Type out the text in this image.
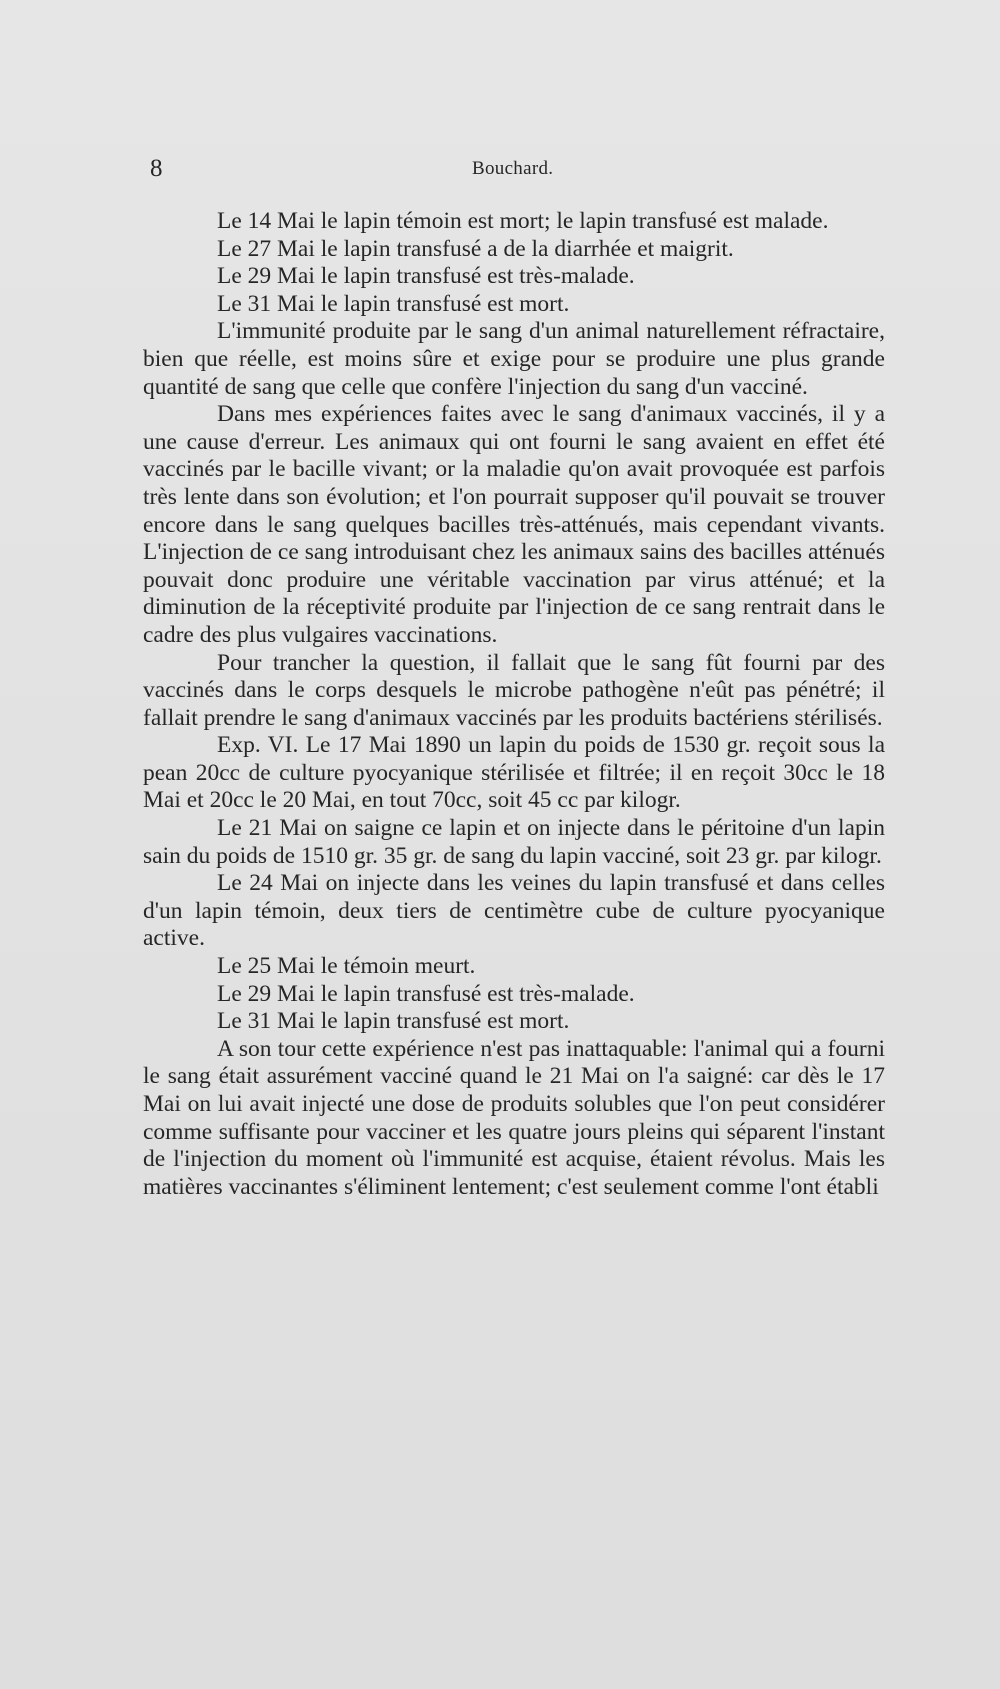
8	Bouchard.

Le 14 Mai le lapin témoin est mort; le lapin transfusé est malade.

Le 27 Mai le lapin transfusé a de la diarrhée et maigrit.

Le 29 Mai le lapin transfusé est très-malade.

Le 31 Mai le lapin transfusé est mort.

L'immunité produite par le sang d'un animal naturellement réfractaire, bien que réelle, est moins sûre et exige pour se produire une plus grande quantité de sang que celle que confère l'injection du sang d'un vacciné.

Dans mes expériences faites avec le sang d'animaux vaccinés, il y a une cause d'erreur. Les animaux qui ont fourni le sang avaient en effet été vaccinés par le bacille vivant; or la maladie qu'on avait provoquée est parfois très lente dans son évolution; et l'on pourrait supposer qu'il pouvait se trouver encore dans le sang quelques bacilles très-atténués, mais cependant vivants. L'injection de ce sang introduisant chez les animaux sains des bacilles atténués pouvait donc produire une véritable vaccination par virus atténué; et la diminution de la réceptivité produite par l'injection de ce sang rentrait dans le cadre des plus vulgaires vaccinations.

Pour trancher la question, il fallait que le sang fût fourni par des vaccinés dans le corps desquels le microbe pathogène n'eût pas pénétré; il fallait prendre le sang d'animaux vaccinés par les produits bactériens stérilisés.

Exp. VI. Le 17 Mai 1890 un lapin du poids de 1530 gr. reçoit sous la pean 20cc de culture pyocyanique stérilisée et filtrée; il en reçoit 30cc le 18 Mai et 20cc le 20 Mai, en tout 70cc, soit 45 cc par kilogr.

Le 21 Mai on saigne ce lapin et on injecte dans le péritoine d'un lapin sain du poids de 1510 gr. 35 gr. de sang du lapin vacciné, soit 23 gr. par kilogr.

Le 24 Mai on injecte dans les veines du lapin transfusé et dans celles d'un lapin témoin, deux tiers de centimètre cube de culture pyocyanique active.

Le 25 Mai le témoin meurt.

Le 29 Mai le lapin transfusé est très-malade.

Le 31 Mai le lapin transfusé est mort.

A son tour cette expérience n'est pas inattaquable: l'animal qui a fourni le sang était assurément vacciné quand le 21 Mai on l'a saigné: car dès le 17 Mai on lui avait injecté une dose de produits solubles que l'on peut considérer comme suffisante pour vacciner et les quatre jours pleins qui séparent l'instant de l'injection du moment où l'immunité est acquise, étaient révolus. Mais les matières vaccinantes s'éliminent lentement; c'est seulement comme l'ont établi
